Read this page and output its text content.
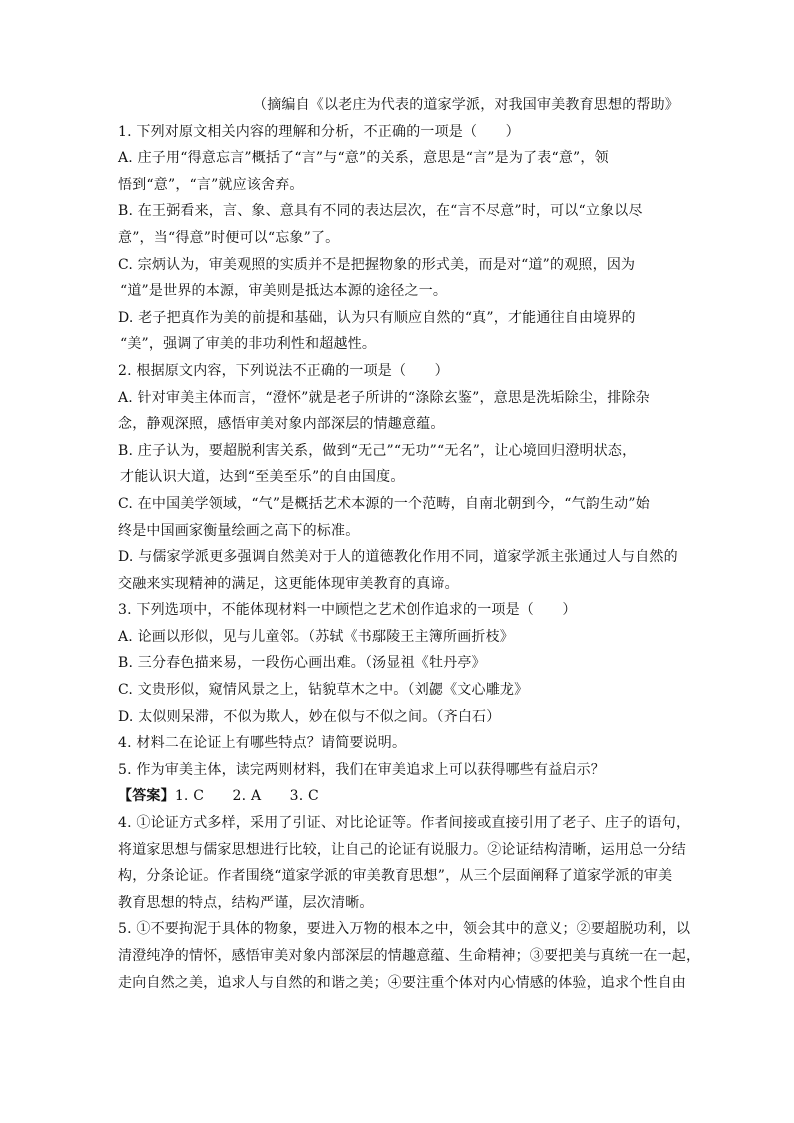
（摘编自《以老庄为代表的道家学派，对我国审美教育思想的帮助》
1. 下列对原文相关内容的理解和分析，不正确的一项是（　　）
A. 庄子用“得意忘言”概括了“言”与“意”的关系，意思是“言”是为了表“意”，领
悟到“意”，“言”就应该舍弃。
B. 在王弼看来，言、象、意具有不同的表达层次，在“言不尽意”时，可以“立象以尽
意”，当“得意”时便可以“忘象”了。
C. 宗炳认为，审美观照的实质并不是把握物象的形式美，而是对“道”的观照，因为
“道”是世界的本源，审美则是抵达本源的途径之一。
D. 老子把真作为美的前提和基础，认为只有顺应自然的“真”，才能通往自由境界的
“美”，强调了审美的非功利性和超越性。
2. 根据原文内容，下列说法不正确的一项是（　　）
A. 针对审美主体而言，“澄怀”就是老子所讲的“涤除玄鉴”，意思是洗垢除尘，排除杂
念，静观深照，感悟审美对象内部深层的情趣意蕴。
B. 庄子认为，要超脱利害关系，做到“无己”“无功”“无名”，让心境回归澄明状态，
才能认识大道，达到“至美至乐”的自由国度。
C. 在中国美学领域，“气”是概括艺术本源的一个范畴，自南北朝到今，“气韵生动”始
终是中国画家衡量绘画之高下的标准。
D. 与儒家学派更多强调自然美对于人的道德教化作用不同，道家学派主张通过人与自然的
交融来实现精神的满足，这更能体现审美教育的真谛。
3. 下列选项中，不能体现材料一中顾恺之艺术创作追求的一项是（　　）
A. 论画以形似，见与儿童邻。（苏轼《书鄢陵王主簿所画折枝》
B. 三分春色描来易，一段伤心画出难。（汤显祖《牡丹亭》
C. 文贵形似，窥情风景之上，钻貌草木之中。（刘勰《文心雕龙》
D. 太似则呆滞，不似为欺人，妙在似与不似之间。（齐白石）
4. 材料二在论证上有哪些特点？请简要说明。
5. 作为审美主体，读完两则材料，我们在审美追求上可以获得哪些有益启示？
【答案】1. C　　2. A　　3. C
4. ①论证方式多样，采用了引证、对比论证等。作者间接或直接引用了老子、庄子的语句，
将道家思想与儒家思想进行比较，让自己的论证有说服力。②论证结构清晰，运用总一分结
构，分条论证。作者围绕“道家学派的审美教育思想”，从三个层面阐释了道家学派的审美
教育思想的特点，结构严谨，层次清晰。
5. ①不要拘泥于具体的物象，要进入万物的根本之中，领会其中的意义；②要超脱功利，以
清澄纯净的情怀，感悟审美对象内部深层的情趣意蕴、生命精神；③要把美与真统一在一起，
走向自然之美，追求人与自然的和谐之美；④要注重个体对内心情感的体验，追求个性自由
